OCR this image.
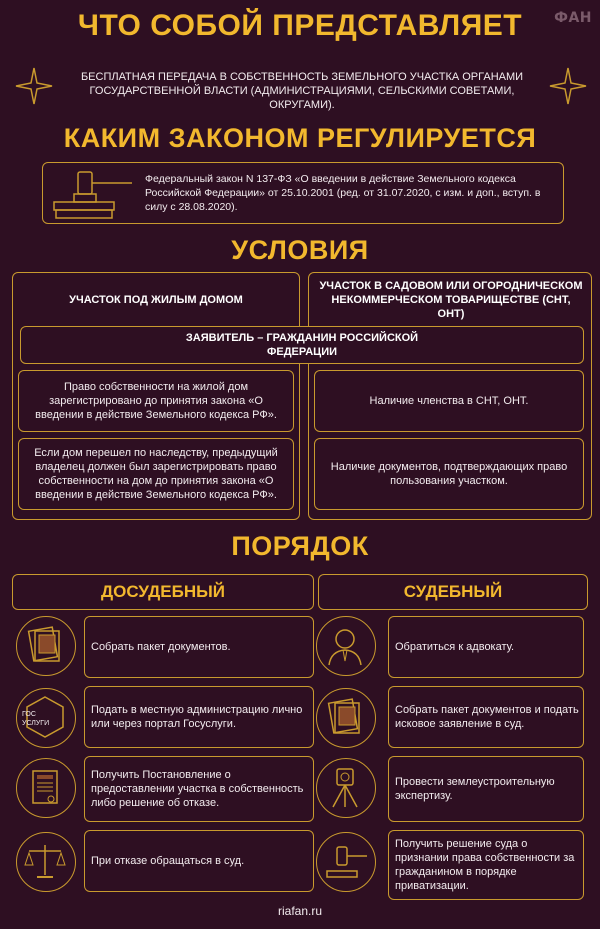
ФАН
ЧТО СОБОЙ ПРЕДСТАВЛЯЕТ
БЕСПЛАТНАЯ ПЕРЕДАЧА В СОБСТВЕННОСТЬ ЗЕМЕЛЬНОГО УЧАСТКА ОРГАНАМИ ГОСУДАРСТВЕННОЙ ВЛАСТИ (АДМИНИСТРАЦИЯМИ, СЕЛЬСКИМИ СОВЕТАМИ, ОКРУГАМИ).
КАКИМ ЗАКОНОМ РЕГУЛИРУЕТСЯ
Федеральный закон N 137-ФЗ «О введении в действие Земельного кодекса Российской Федерации» от 25.10.2001 (ред. от 31.07.2020, с изм. и доп., вступ. в силу с 28.08.2020).
УСЛОВИЯ
УЧАСТОК ПОД ЖИЛЫМ ДОМОМ
УЧАСТОК В САДОВОМ ИЛИ ОГОРОДНИЧЕСКОМ НЕКОММЕРЧЕСКОМ ТОВАРИЩЕСТВЕ (СНТ, ОНТ)
ЗАЯВИТЕЛЬ – ГРАЖДАНИН РОССИЙСКОЙ ФЕДЕРАЦИИ
Право собственности на жилой дом зарегистрировано до принятия закона «О введении в действие Земельного кодекса РФ».
Если дом перешел по наследству, предыдущий владелец должен был зарегистрировать право собственности на дом до принятия закона «О введении в действие Земельного кодекса РФ».
Наличие членства в СНТ, ОНТ.
Наличие документов, подтверждающих право пользования участком.
ПОРЯДОК
ДОСУДЕБНЫЙ	СУДЕБНЫЙ
Собрать пакет документов.
ГОС
УСЛУГИ
Подать в местную администрацию лично или через портал Госуслуги.
Получить Постановление о предоставлении участка в собственность либо решение об отказе.
При отказе обращаться в суд.
Обратиться к адвокату.
Собрать пакет документов и подать исковое заявление в суд.
Провести землеустроительную экспертизу.
Получить решение суда о признании права собственности за гражданином в порядке приватизации.
riafan.ru
